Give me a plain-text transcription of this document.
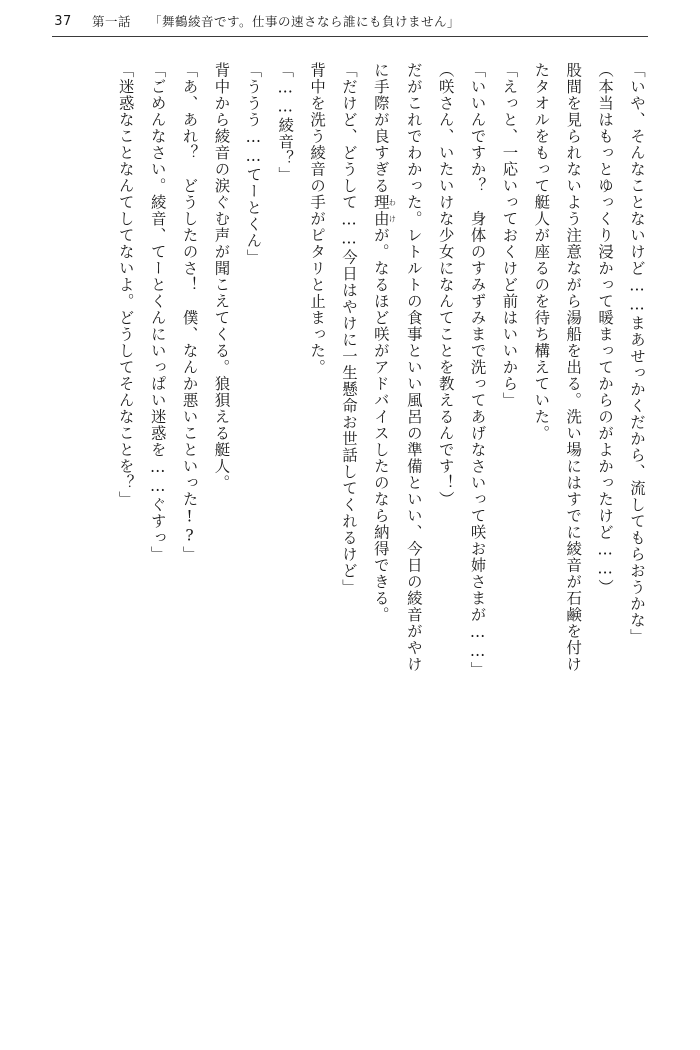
37 第一話 「舞鶴綾音です。仕事の速さなら誰にも負けません」

「いや、そんなことないけど……まあせっかくだから、流してもらおうかな」

（本当はもっとゆっくり浸かって暖まってからのがよかったけど……）

股間を見られないよう注意ながら湯船を出る。洗い場にはすでに綾音が石鹸を付け

たタオルをもって艇人が座るのを待ち構えていた。

「えっと、一応いっておくけど前はいいから」

「いいんですか？　身体のすみずみまで洗ってあげなさいって咲お姉さまが……」

（咲さん、いたいけな少女になんてことを教えるんです！）

だがこれでわかった。レトルトの食事といい風呂の準備といい、今日の綾音がやけ

に手際が良すぎる理由わけが。なるほど咲がアドバイスしたのなら納得できる。

「だけど、どうして……今日はやけに一生懸命お世話してくれるけど」

背中を洗う綾音の手がピタリと止まった。

「……綾音？」

「ううう……てーとくん」

背中から綾音の涙ぐむ声が聞こえてくる。狼狽える艇人。

「あ、あれ？　どうしたのさ！　僕、なんか悪いこといった!?」

「ごめんなさい。綾音、てーとくんにいっぱい迷惑を……ぐすっ」

「迷惑なことなんてしてないよ。どうしてそんなことを？」
